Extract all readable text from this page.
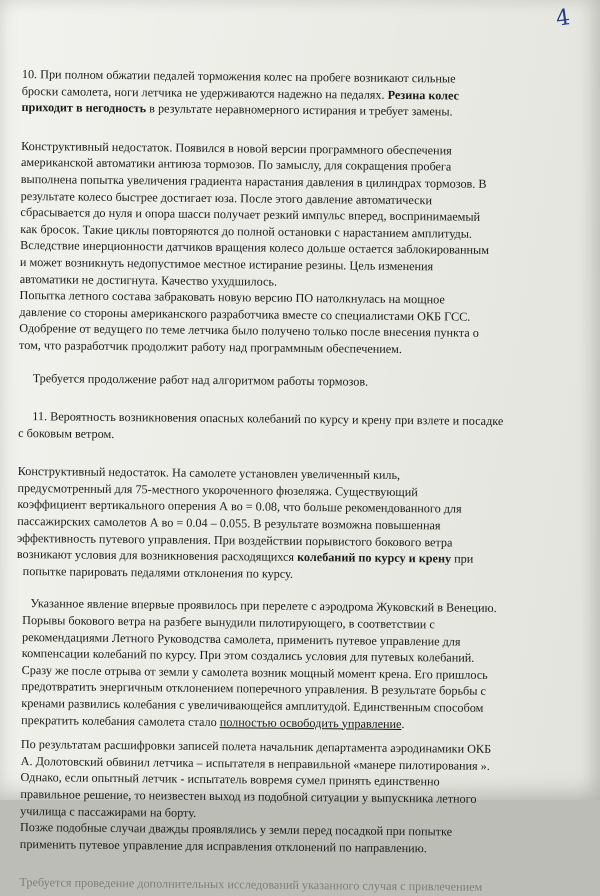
4
10. При полном обжатии педалей торможения колес на пробеге возникают сильные
броски самолета, ноги летчика не удерживаются надежно на педалях. Резина колес
приходит в негодность в результате неравномерного истирания и требует замены.
Конструктивный недостаток. Появился в новой версии программного обеспечения
американской автоматики антиюза тормозов. По замыслу, для сокращения пробега
выполнена попытка увеличения градиента нарастания давления в цилиндрах тормозов. В
результате колесо быстрее достигает юза. После этого давление автоматически
сбрасывается до нуля и опора шасси получает резкий импульс вперед, воспринимаемый
как бросок. Такие циклы повторяются до полной остановки с нарастанием амплитуды.
Вследствие инерционности датчиков вращения колесо дольше остается заблокированным
и может возникнуть недопустимое местное истирание резины. Цель изменения
автоматики не достигнута. Качество ухудшилось.
Попытка летного состава забраковать новую версию ПО натолкнулась на мощное
давление со стороны американского разработчика вместе со специалистами ОКБ ГСС.
Одобрение от ведущего по теме летчика было получено только после внесения пункта о
том, что разработчик продолжит работу над программным обеспечением.
Требуется продолжение работ над алгоритмом работы тормозов.
11. Вероятность возникновения опасных колебаний по курсу и крену при взлете и посадке
с боковым ветром.
Конструктивный недостаток. На самолете установлен увеличенный киль,
предусмотренный для 75-местного укороченного фюзеляжа. Существующий
коэффициент вертикального оперения А во = 0.08, что больше рекомендованного для
пассажирских самолетов А во = 0.04 – 0.055. В результате возможна повышенная
эффективность путевого управления. При воздействии порывистого бокового ветра
возникают условия для возникновения расходящихся колебаний по курсу и крену при
попытке парировать педалями отклонения по курсу.
Указанное явление впервые проявилось при перелете с аэродрома Жуковский в Венецию.
Порывы бокового ветра на разбеге вынудили пилотирующего, в соответствии с
рекомендациями Летного Руководства самолета, применить путевое управление для
компенсации колебаний по курсу. При этом создались условия для путевых колебаний.
Сразу же после отрыва от земли у самолета возник мощный момент крена. Его пришлось
предотвратить энергичным отклонением поперечного управления. В результате борьбы с
кренами развились колебания с увеличивающейся амплитудой. Единственным способом
прекратить колебания самолета стало полностью освободить управление.
По результатам расшифровки записей полета начальник департамента аэродинамики ОКБ
А. Долотовский обвинил летчика – испытателя в неправильной «манере пилотирования ».
Однако, если опытный летчик - испытатель вовремя сумел принять единственно
правильное решение, то неизвестен выход из подобной ситуации у выпускника летного
училища с пассажирами на борту.
Позже подобные случаи дважды проявлялись у земли перед посадкой при попытке
применить путевое управление для исправления отклонений по направлению.
Требуется проведение дополнительных исследований указанного случая с привлечением
